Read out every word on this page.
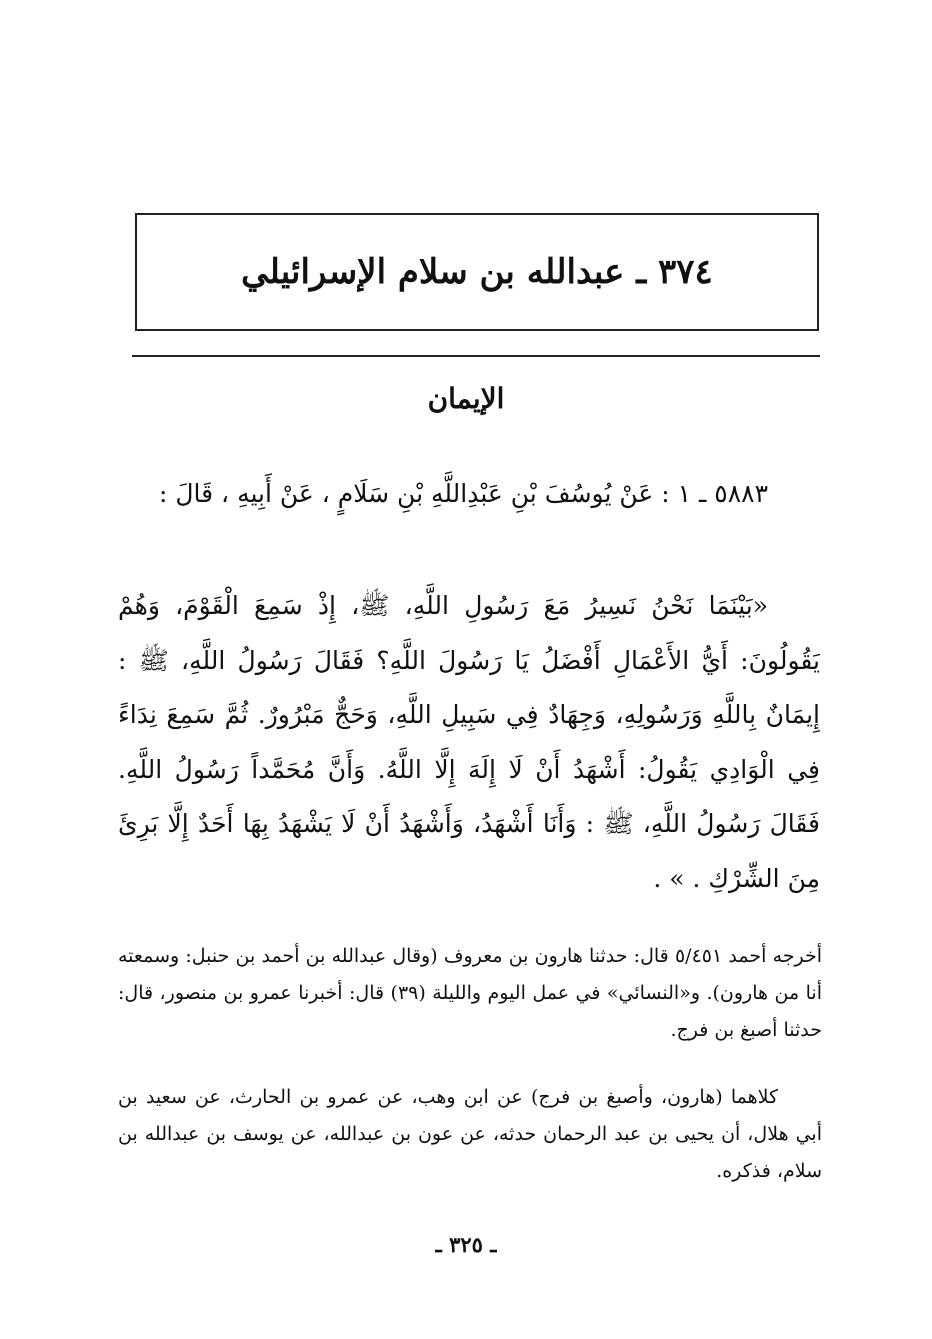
٣٧٤ ـ عبدالله بن سلام الإسرائيلي
الإيمان

٥٨٨٣ ـ ١ : عَنْ يُوسُفَ بْنِ عَبْدِاللَّهِ بْنِ سَلَامٍ ، عَنْ أَبِيهِ ، قَالَ :

«بَيْنَمَا نَحْنُ نَسِيرُ مَعَ رَسُولِ اللَّهِ، ﷺ، إِذْ سَمِعَ الْقَوْمَ، وَهُمْ يَقُولُونَ: أَيُّ الأَعْمَالِ أَفْضَلُ يَا رَسُولَ اللَّهِ؟ فَقَالَ رَسُولُ اللَّهِ، ﷺ : إِيمَانٌ بِاللَّهِ وَرَسُولِهِ، وَجِهَادٌ فِي سَبِيلِ اللَّهِ، وَحَجٌّ مَبْرُورٌ. ثُمَّ سَمِعَ نِدَاءً فِي الْوَادِي يَقُولُ: أَشْهَدُ أَنْ لَا إِلَهَ إِلَّا اللَّهُ. وَأَنَّ مُحَمَّداً رَسُولُ اللَّهِ. فَقَالَ رَسُولُ اللَّهِ، ﷺ : وَأَنَا أَشْهَدُ، وَأَشْهَدُ أَنْ لَا يَشْهَدُ بِهَا أَحَدٌ إِلَّا بَرِئَ مِنَ الشِّرْكِ . » .

أخرجه أحمد ٥/٤٥١ قال: حدثنا هارون بن معروف (وقال عبدالله بن أحمد بن حنبل: وسمعته أنا من هارون). و«النسائي» في عمل اليوم والليلة (٣٩) قال: أخبرنا عمرو بن منصور، قال: حدثنا أصبغ بن فرج.

كلاهما (هارون، وأصبغ بن فرج) عن ابن وهب، عن عمرو بن الحارث، عن سعيد بن أبي هلال، أن يحيى بن عبد الرحمان حدثه، عن عون بن عبدالله، عن يوسف بن عبدالله بن سلام، فذكره.

ـ ٣٢٥ ـ
